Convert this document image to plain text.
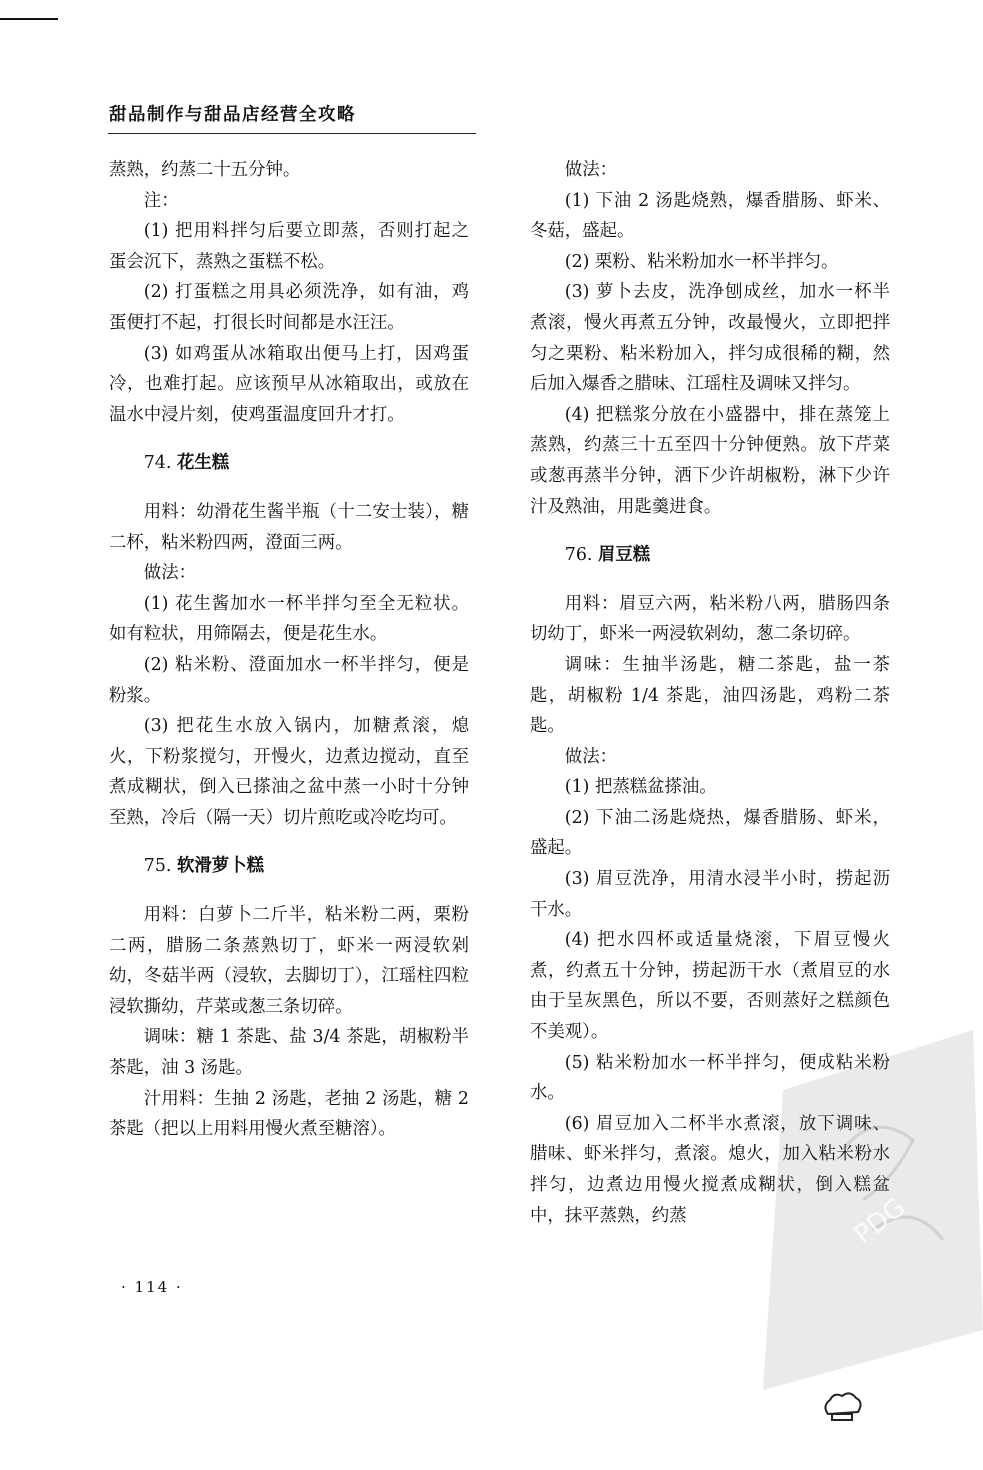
甜品制作与甜品店经营全攻略

蒸熟，约蒸二十五分钟。

注：

(1) 把用料拌匀后要立即蒸，否则打起之蛋会沉下，蒸熟之蛋糕不松。

(2) 打蛋糕之用具必须洗净，如有油，鸡蛋便打不起，打很长时间都是水汪汪。

(3) 如鸡蛋从冰箱取出便马上打，因鸡蛋冷，也难打起。应该预早从冰箱取出，或放在温水中浸片刻，使鸡蛋温度回升才打。

74. 花生糕

用料：幼滑花生酱半瓶（十二安士装），糖二杯，粘米粉四两，澄面三两。

做法：

(1) 花生酱加水一杯半拌匀至全无粒状。如有粒状，用筛隔去，便是花生水。

(2) 粘米粉、澄面加水一杯半拌匀，便是粉浆。

(3) 把花生水放入锅内，加糖煮滚，熄火，下粉浆搅匀，开慢火，边煮边搅动，直至煮成糊状，倒入已搽油之盆中蒸一小时十分钟至熟，冷后（隔一天）切片煎吃或冷吃均可。

75. 软滑萝卜糕

用料：白萝卜二斤半，粘米粉二两，栗粉二两，腊肠二条蒸熟切丁，虾米一两浸软剁幼，冬菇半两（浸软，去脚切丁），江瑶柱四粒浸软撕幼，芹菜或葱三条切碎。

调味：糖 1 茶匙、盐 3/4 茶匙，胡椒粉半茶匙，油 3 汤匙。

汁用料：生抽 2 汤匙，老抽 2 汤匙，糖 2 茶匙（把以上用料用慢火煮至糖溶）。

做法：

(1) 下油 2 汤匙烧熟，爆香腊肠、虾米、冬菇，盛起。

(2) 栗粉、粘米粉加水一杯半拌匀。

(3) 萝卜去皮，洗净刨成丝，加水一杯半煮滚，慢火再煮五分钟，改最慢火，立即把拌匀之栗粉、粘米粉加入，拌匀成很稀的糊，然后加入爆香之腊味、江瑶柱及调味又拌匀。

(4) 把糕浆分放在小盛器中，排在蒸笼上蒸熟，约蒸三十五至四十分钟便熟。放下芹菜或葱再蒸半分钟，洒下少许胡椒粉，淋下少许汁及熟油，用匙羹进食。

76. 眉豆糕

用料：眉豆六两，粘米粉八两，腊肠四条切幼丁，虾米一两浸软剁幼，葱二条切碎。

调味：生抽半汤匙，糖二茶匙，盐一茶匙，胡椒粉 1/4 茶匙，油四汤匙，鸡粉二茶匙。

做法：

(1) 把蒸糕盆搽油。

(2) 下油二汤匙烧热，爆香腊肠、虾米，盛起。

(3) 眉豆洗净，用清水浸半小时，捞起沥干水。

(4) 把水四杯或适量烧滚，下眉豆慢火煮，约煮五十分钟，捞起沥干水（煮眉豆的水由于呈灰黑色，所以不要，否则蒸好之糕颜色不美观）。

(5) 粘米粉加水一杯半拌匀，便成粘米粉水。

(6) 眉豆加入二杯半水煮滚，放下调味、腊味、虾米拌匀，煮滚。熄火，加入粘米粉水拌匀，边煮边用慢火搅煮成糊状，倒入糕盆中，抹平蒸熟，约蒸

· 114 ·
PDG
